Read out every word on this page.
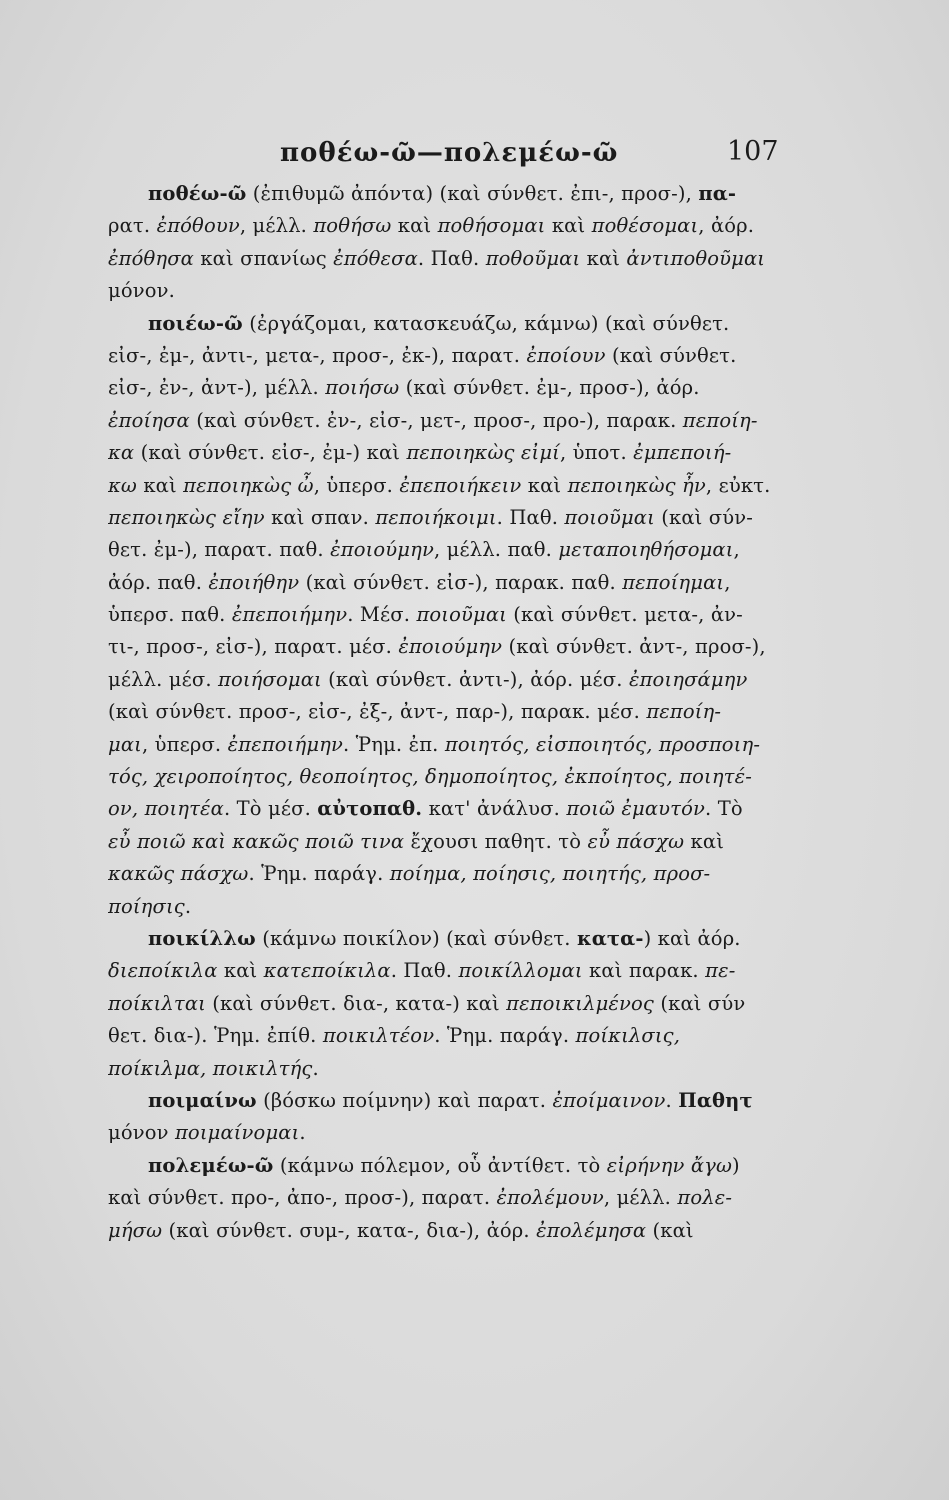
ποθέω-ῶ—πολεμέω-ῶ	107
ποθέω-ῶ (ἐπιθυμῶ ἀπόντα) (καὶ σύνθετ. ἐπι-, προσ-), πα-
ρατ. ἐπόθουν, μέλλ. ποθήσω καὶ ποθήσομαι καὶ ποθέσομαι, ἀόρ.
ἐπόθησα καὶ σπανίως ἐπόθεσα. Παθ. ποθοῦμαι καὶ ἀντιποθοῦμαι
μόνον.
ποιέω-ῶ (ἐργάζομαι, κατασκευάζω, κάμνω) (καὶ σύνθετ.
εἰσ-, ἐμ-, ἀντι-, μετα-, προσ-, ἐκ-), παρατ. ἐποίουν (καὶ σύνθετ.
εἰσ-, ἐν-, ἀντ-), μέλλ. ποιήσω (καὶ σύνθετ. ἐμ-, προσ-), ἀόρ.
ἐποίησα (καὶ σύνθετ. ἐν-, εἰσ-, μετ-, προσ-, προ-), παρακ. πεποίη-
κα (καὶ σύνθετ. εἰσ-, ἐμ-) καὶ πεποιηκὼς εἰμί, ὑποτ. ἐμπεποιή-
κω καὶ πεποιηκὼς ὦ, ὑπερσ. ἐπεποιήκειν καὶ πεποιηκὼς ἦν, εὐκτ.
πεποιηκὼς εἴην καὶ σπαν. πεποιήκοιμι. Παθ. ποιοῦμαι (καὶ σύν-
θετ. ἐμ-), παρατ. παθ. ἐποιούμην, μέλλ. παθ. μεταποιηθήσομαι,
ἀόρ. παθ. ἐποιήθην (καὶ σύνθετ. εἰσ-), παρακ. παθ. πεποίημαι,
ὑπερσ. παθ. ἐπεποιήμην. Μέσ. ποιοῦμαι (καὶ σύνθετ. μετα-, ἀν-
τι-, προσ-, εἰσ-), παρατ. μέσ. ἐποιούμην (καὶ σύνθετ. ἀντ-, προσ-),
μέλλ. μέσ. ποιήσομαι (καὶ σύνθετ. ἀντι-), ἀόρ. μέσ. ἐποιησάμην
(καὶ σύνθετ. προσ-, εἰσ-, ἐξ-, ἀντ-, παρ-), παρακ. μέσ. πεποίη-
μαι, ὑπερσ. ἐπεποιήμην. Ῥημ. ἐπ. ποιητός, εἰσποιητός, προσποιη-
τός, χειροποίητος, θεοποίητος, δημοποίητος, ἐκποίητος, ποιητέ-
ον, ποιητέα. Τὸ μέσ. αὐτοπαθ. κατ' ἀνάλυσ. ποιῶ ἐμαυτόν. Τὸ
εὖ ποιῶ καὶ κακῶς ποιῶ τινα ἔχουσι παθητ. τὸ εὖ πάσχω καὶ
κακῶς πάσχω. Ῥημ. παράγ. ποίημα, ποίησις, ποιητής, προσ-
ποίησις.
ποικίλλω (κάμνω ποικίλον) (καὶ σύνθετ. κατα-) καὶ ἀόρ.
διεποίκιλα καὶ κατεποίκιλα. Παθ. ποικίλλομαι καὶ παρακ. πε-
ποίκιλται (καὶ σύνθετ. δια-, κατα-) καὶ πεποικιλμένος (καὶ σύν
θετ. δια-). Ῥημ. ἐπίθ. ποικιλτέον. Ῥημ. παράγ. ποίκιλσις,
ποίκιλμα, ποικιλτής.
ποιμαίνω (βόσκω ποίμνην) καὶ παρατ. ἐποίμαινον. Παθητ
μόνον ποιμαίνομαι.
πολεμέω-ῶ (κάμνω πόλεμον, οὗ ἀντίθετ. τὸ εἰρήνην ἄγω)
καὶ σύνθετ. προ-, ἀπο-, προσ-), παρατ. ἐπολέμουν, μέλλ. πολε-
μήσω (καὶ σύνθετ. συμ-, κατα-, δια-), ἀόρ. ἐπολέμησα (καὶ
